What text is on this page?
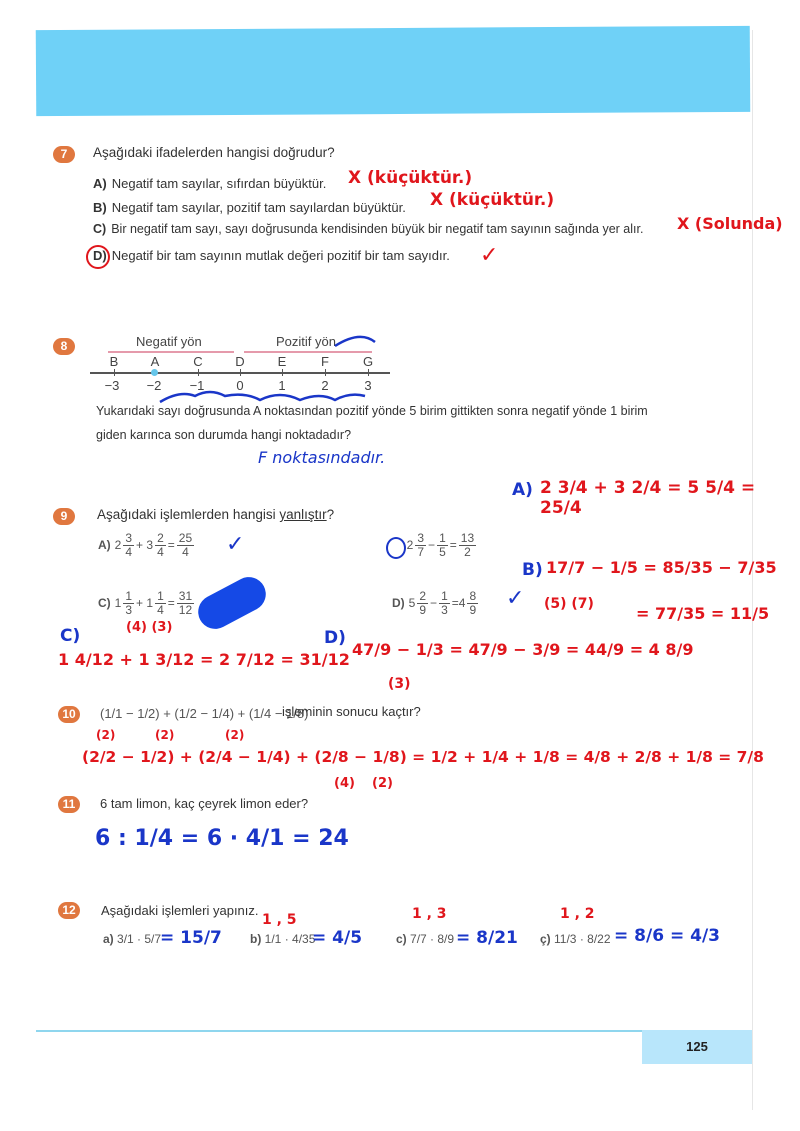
7	Aşağıdaki ifadelerden hangisi doğrudur?
A) Negatif tam sayılar, sıfırdan büyüktür. X (küçüktür.)
B) Negatif tam sayılar, pozitif tam sayılardan büyüktür. X (küçüktür.)
C) Bir negatif tam sayı, sayı doğrusunda kendisinden büyük bir negatif tam sayının sağında yer alır. X (Solunda)
D) Negatif bir tam sayının mutlak değeri pozitif bir tam sayıdır. ✓
8	Negatif yön	Pozitif yön
B	A	C	D	E	F	G
−3 −2 −1	0	1	2	3
Yukarıdaki sayı doğrusunda A noktasından pozitif yönde 5 birim gittikten sonra negatif yönde 1 birim
giden karınca son durumda hangi noktadadır?
F noktasındadır.
9	Aşağıdaki işlemlerden hangisi yanlıştır?
A) $2 \frac{3}{4}$ +
$3 \frac{2}{4} = \frac{25}{4}$ ✓	$2 \frac{3}{7} - \frac{1}{5} = \frac{13}{2}$
C) $1 \frac{1}{3}$ +
$1 \frac{1}{4} = \frac{31}{12}$	D) $5 \frac{2}{9} - \frac{1}{3} = 4 \frac{8}{9}$ ✓
A) 2 3/4 + 3 2/4 = 5 5/4 = 25/4
B) 17/7 − 1/5 = 85/35 − 7/35
(5) (7)	= 77/35 = 11/5
C)	(4) (3)
1 4/12 + 1 3/12 = 2 7/12 = 31/12
D)
47/9 − 1/3 = 47/9 − 3/9 = 44/9 = 4 8/9
(3)
10	(1/1 − 1/2) + (1/2 − 1/4) + (1/4 − 1/8)
işleminin sonucu kaçtır?
(2)	(2)	(2)
(2/2 − 1/2) + (2/4 − 1/4) + (2/8 − 1/8) = 1/2 + 1/4 + 1/8 = 4/8 + 2/8 + 1/8 = 7/8
(4) (2)
11	6 tam limon, kaç çeyrek limon eder?
6 : 1/4 = 6 · 4/1 = 24
12	Aşağıdaki işlemleri yapınız.
a) 3/1 · 5/7
= 15/7 b) 1/1 · 4/35
1 , 5
= 4/5	c) 7/7 · 8/9
1 , 3
= 8/21 ç) 11/3 · 8/22
1 , 2
= 8/6 = 4/3
125
